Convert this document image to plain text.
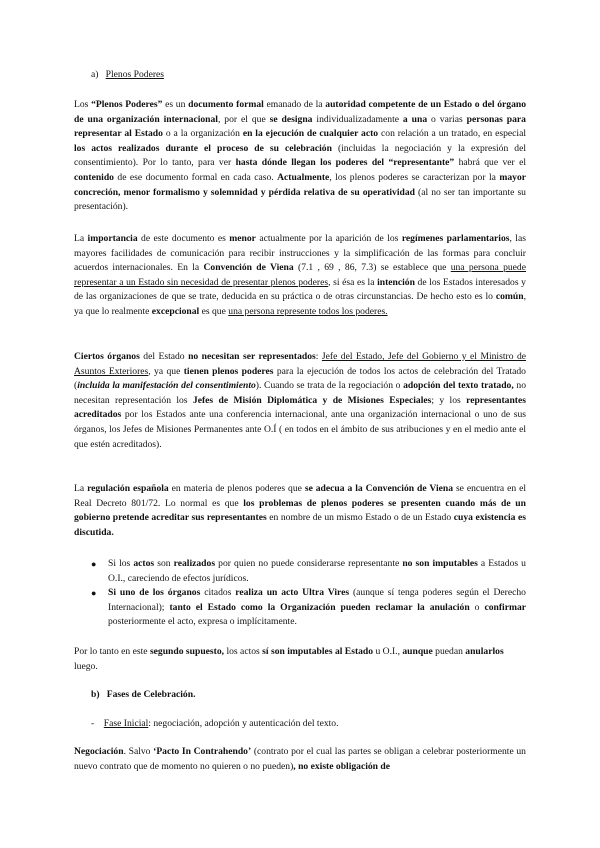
a) Plenos Poderes

Los “Plenos Poderes” es un documento formal emanado de la autoridad competente de un Estado o del órgano de una organización internacional, por el que se designa individualizadamente a una o varias personas para representar al Estado o a la organización en la ejecución de cualquier acto con relación a un tratado, en especial los actos realizados durante el proceso de su celebración (incluidas la negociación y la expresión del consentimiento). Por lo tanto, para ver hasta dónde llegan los poderes del “representante” habrá que ver el contenido de ese documento formal en cada caso. Actualmente, los plenos poderes se caracterizan por la mayor concreción, menor formalismo y solemnidad y pérdida relativa de su operatividad (al no ser tan importante su presentación).

La importancia de este documento es menor actualmente por la aparición de los regímenes parlamentarios, las mayores facilidades de comunicación para recibir instrucciones y la simplificación de las formas para concluir acuerdos internacionales. En la Convención de Viena (7.1 , 69 , 86, 7.3) se establece que una persona puede representar a un Estado sin necesidad de presentar plenos poderes, si ésa es la intención de los Estados interesados y de las organizaciones de que se trate, deducida en su práctica o de otras circunstancias. De hecho esto es lo común, ya que lo realmente excepcional es que una persona represente todos los poderes.

Ciertos órganos del Estado no necesitan ser representados: Jefe del Estado, Jefe del Gobierno y el Ministro de Asuntos Exteriores, ya que tienen plenos poderes para la ejecución de todos los actos de celebración del Tratado (incluida la manifestación del consentimiento). Cuando se trata de la regociación o adopción del texto tratado, no necesitan representación los Jefes de Misión Diplomática y de Misiones Especiales; y los representantes acreditados por los Estados ante una conferencia internacional, ante una organización internacional o uno de sus órganos, los Jefes de Misiones Permanentes ante O.Í ( en todos en el ámbito de sus atribuciones y en el medio ante el que estén acreditados).

La regulación española en materia de plenos poderes que se adecua a la Convención de Viena se encuentra en el Real Decreto 801/72. Lo normal es que los problemas de plenos poderes se presenten cuando más de un gobierno pretende acreditar sus representantes en nombre de un mismo Estado o de un Estado cuya existencia es discutida.

● Si los actos son realizados por quien no puede considerarse representante no son imputables a Estados u O.I., careciendo de efectos jurídicos.

● Si uno de los órganos citados realiza un acto Ultra Vires (aunque sí tenga poderes según el Derecho Internacional); tanto el Estado como la Organización pueden reclamar la anulación o confirmar posteriormente el acto, expresa o implícitamente.

Por lo tanto en este segundo supuesto, los actos sí son imputables al Estado u O.I., aunque puedan anularlos luego.

b) Fases de Celebración.
- Fase Inicial: negociación, adopción y autenticación del texto.

Negociación. Salvo ‘Pacto In Contrahendo’ (contrato por el cual las partes se obligan a celebrar posteriormente un nuevo contrato que de momento no quieren o no pueden), no existe obligación de
